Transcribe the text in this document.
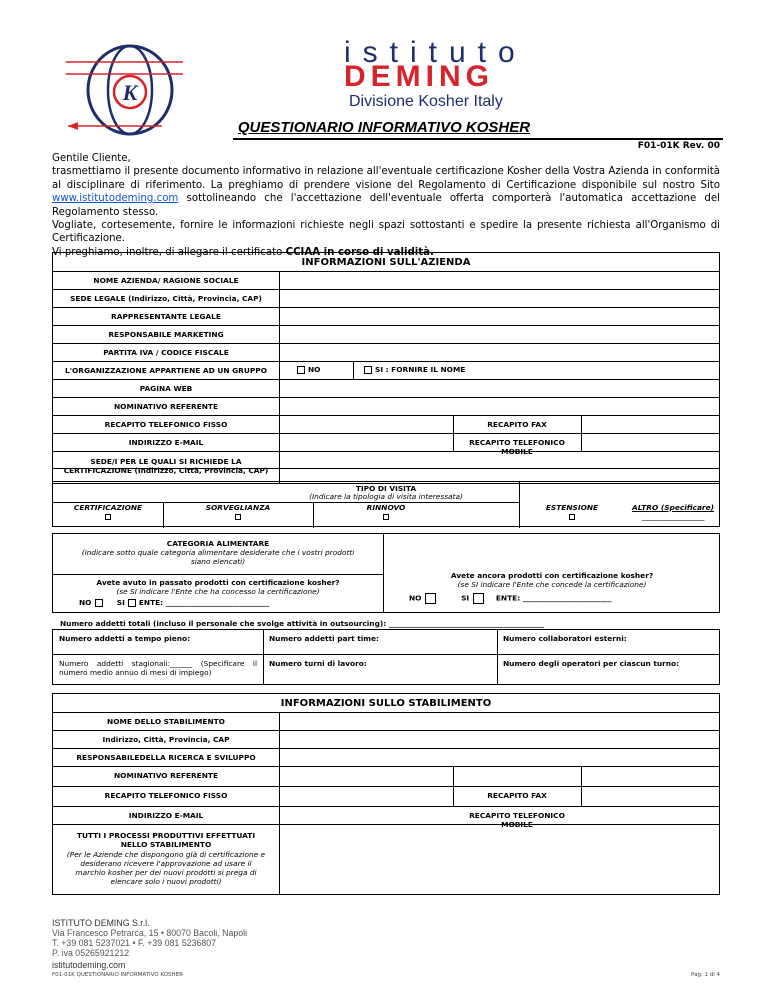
K
istituto
DEMING
Divisione Kosher Italy
QUESTIONARIO INFORMATIVO KOSHER
F01-01K Rev. 00

Gentile Cliente,

trasmettiamo il presente documento informativo in relazione all'eventuale certificazione Kosher della Vostra Azienda in conformità al disciplinare di riferimento. La preghiamo di prendere visione del Regolamento di Certificazione disponibile sul nostro Sito www.istitutodeming.com sottolineando che l'accettazione dell'eventuale offerta comporterà l'automatica accettazione del Regolamento stesso.

Vogliate, cortesemente, fornire le informazioni richieste negli spazi sottostanti e spedire la presente richiesta all'Organismo di Certificazione.

Vi preghiamo, inoltre, di allegare il certificato CCIAA in corso di validità.

INFORMAZIONI SULL'AZIENDA
NOME AZIENDA/ RAGIONE SOCIALE
SEDE LEGALE (Indirizzo, Città, Provincia, CAP)
RAPPRESENTANTE LEGALE
RESPONSABILE MARKETING
PARTITA IVA / CODICE FISCALE
L'ORGANIZZAZIONE APPARTIENE AD UN GRUPPO	NO	SI : FORNIRE IL NOME
PAGINA WEB
NOMINATIVO REFERENTE
RECAPITO TELEFONICO FISSO	RECAPITO FAX
INDIRIZZO E-MAIL	RECAPITO TELEFONICO MOBILE
SEDE/I PER LE QUALI SI RICHIEDE LA
CERTIFICAZIONE (Indirizzo, Città, Provincia, CAP)
TIPO DI VISITA
(Indicare la tipologia di visita interessata)
CERTIFICAZIONE	SORVEGLIANZA	RINNOVO	ESTENSIONE	ALTRO (Specificare)
_________________
CATEGORIA ALIMENTARE
(indicare sotto quale categoria alimentare desiderate che i vostri prodotti siano elencati)
Avete avuto in passato prodotti con certificazione kosher?
(se SI indicare l'Ente che ha concesso la certificazione)
NO	SI ENTE: ____________________________
Avete ancora prodotti con certificazione kosher?
(se SI indicare l'Ente che concede la certificazione)
NO	SI	ENTE: ________________________
Numero addetti totali (incluso il personale che svolge attività in outsourcing): __________________________________________
Numero addetti a tempo pieno:	Numero addetti part time:	Numero collaboratori esterni:
Numero addetti stagionali:______ (Specificare il numero medio annuo di mesi di impiego)
Numero turni di lavoro:	Numero degli operatori per ciascun turno:
INFORMAZIONI SULLO STABILIMENTO
NOME DELLO STABILIMENTO
Indirizzo, Città, Provincia, CAP
RESPONSABILEDELLA RICERCA E SVILUPPO
NOMINATIVO REFERENTE
RECAPITO TELEFONICO FISSO	RECAPITO FAX
INDIRIZZO E-MAIL	RECAPITO TELEFONICO MOBILE
TUTTI I PROCESSI PRODUTTIVI EFFETTUATI NELLO STABILIMENTO
(Per le Aziende che dispongono già di certificazione e desiderano ricevere l'approvazione ad usare il marchio kosher per dei nuovi prodotti si prega di elencare solo i nuovi prodotti)
ISTITUTO DEMING S.r.l.
Via Francesco Petrarca, 15 • 80070 Bacoli, Napoli
T. +39 081 5237021 • F. +39 081 5236807
P. iva 05265921212
istitutodeming.com
F01-01K QUESTIONARIO INFORMATIVO KOSHER	Pag. 1 di 4
